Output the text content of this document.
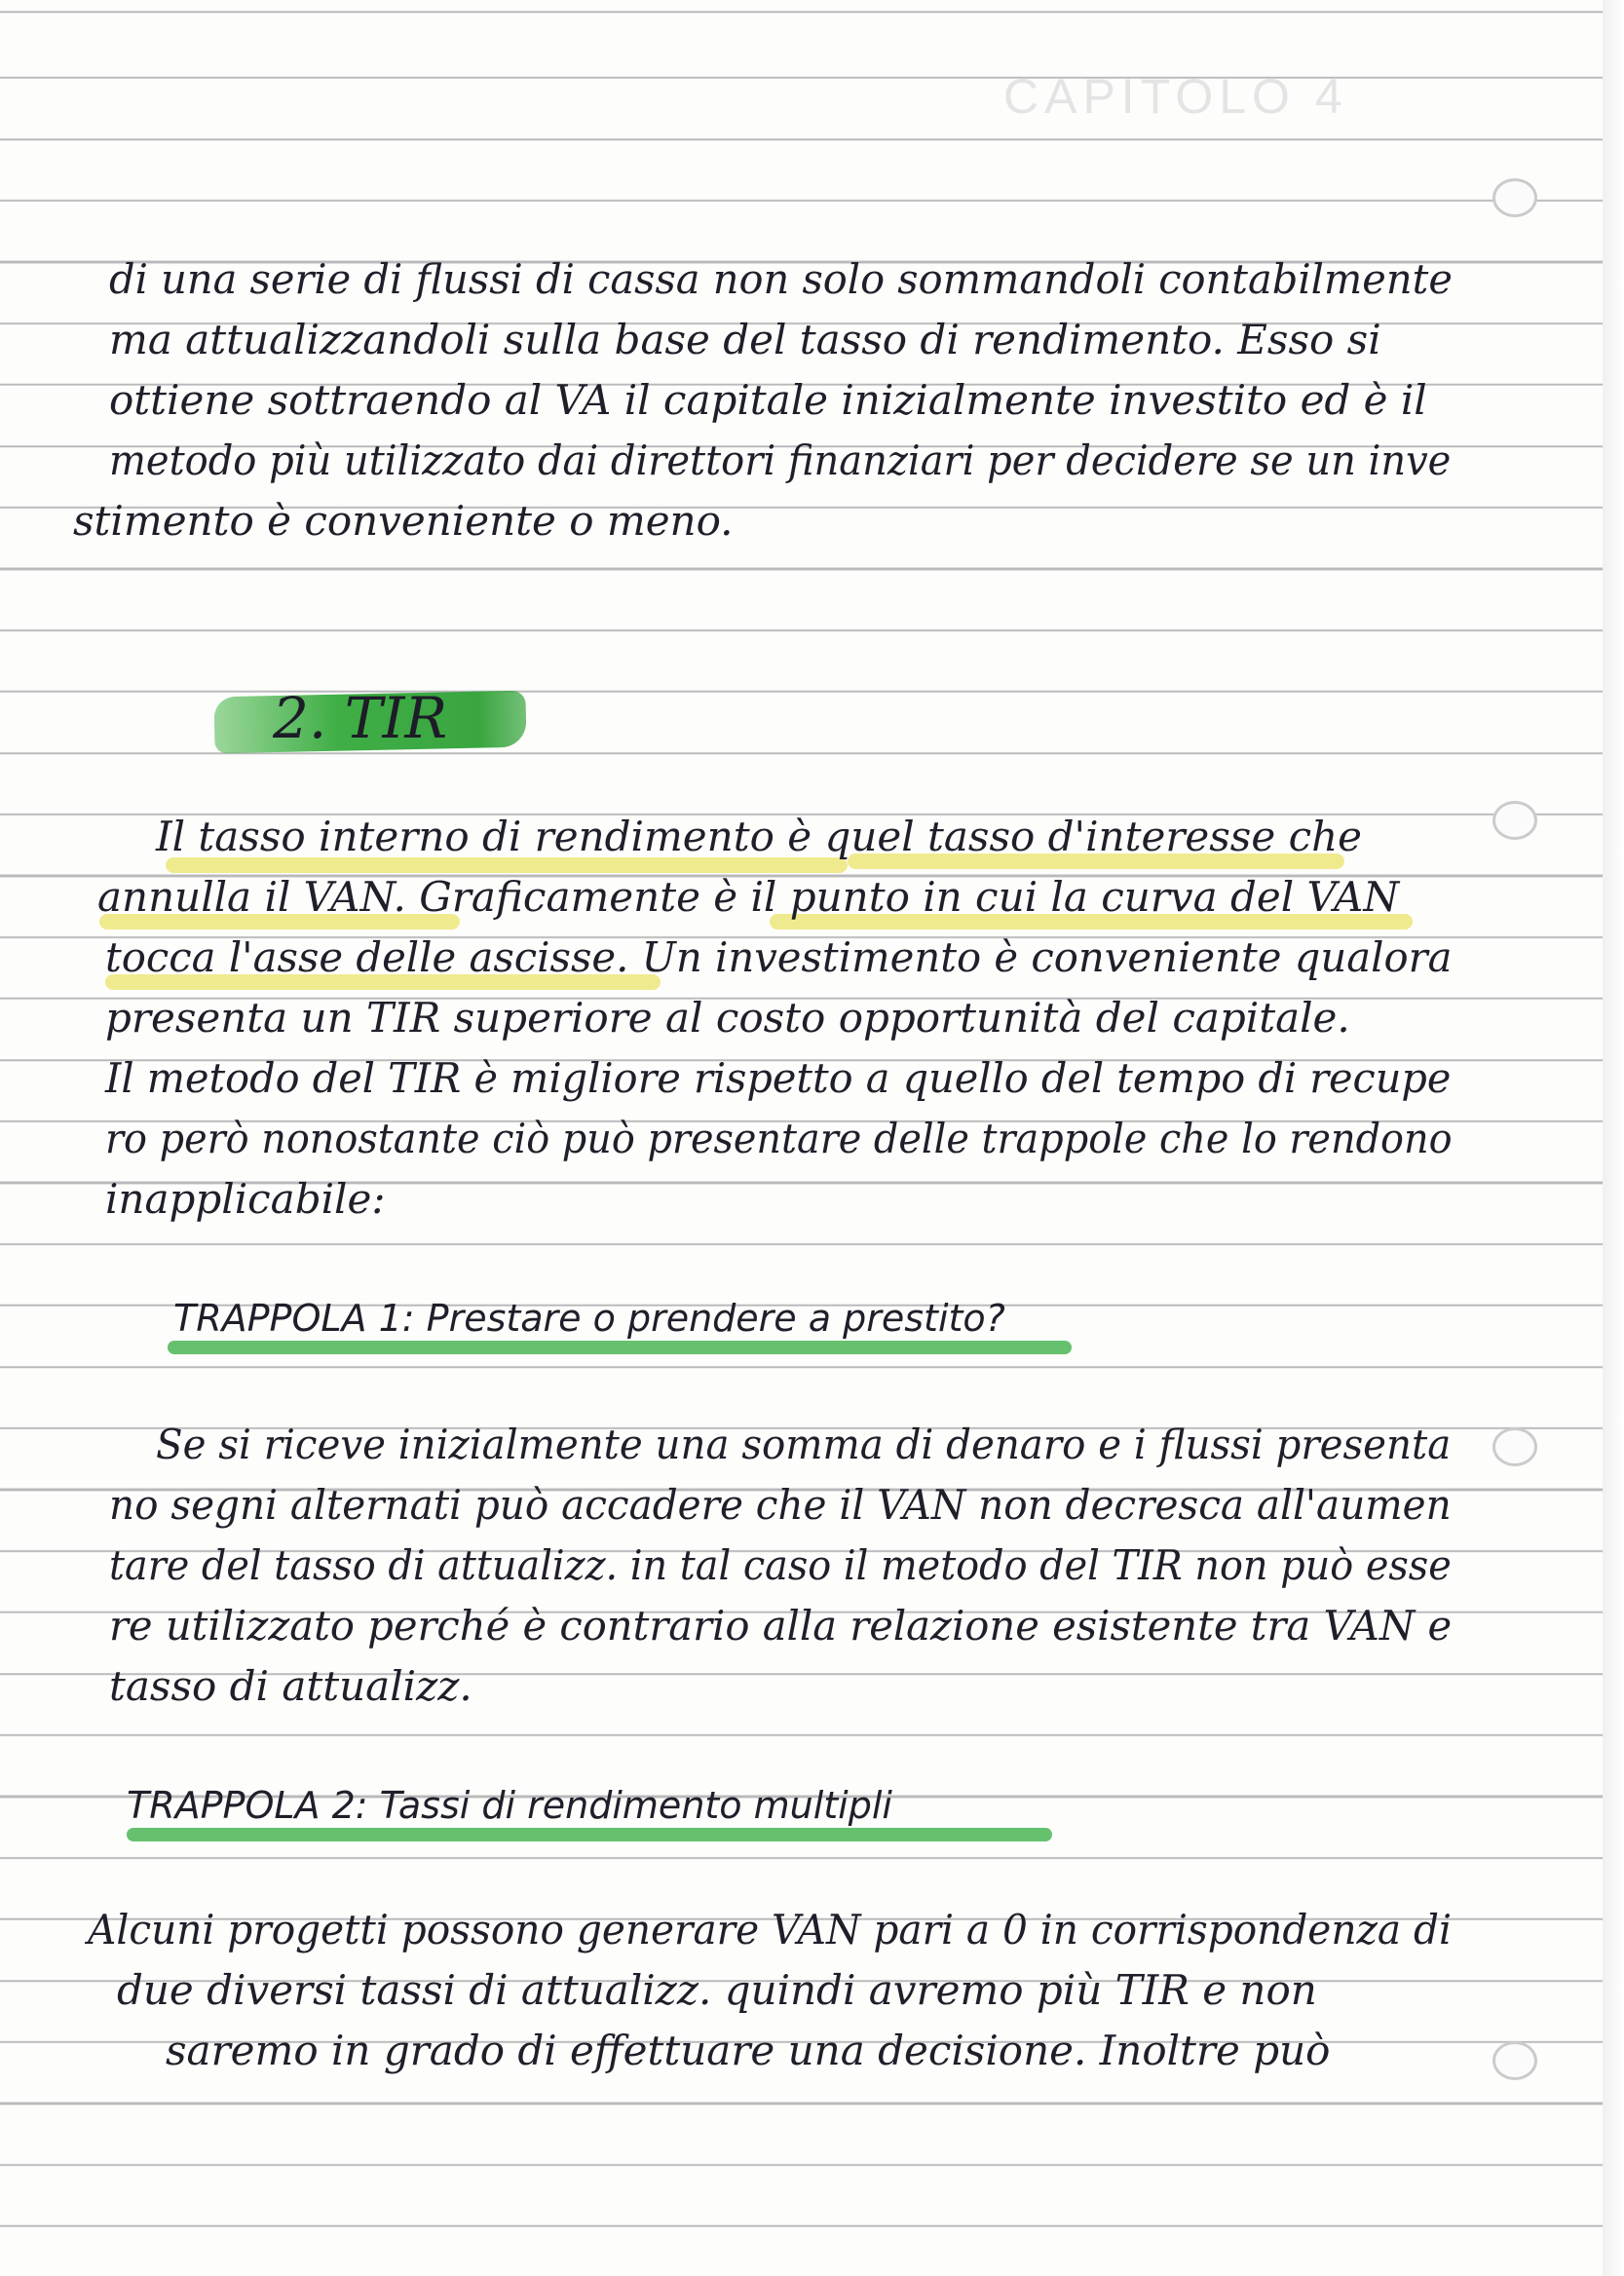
CAPITOLO 4
di una serie di flussi di cassa non solo sommandoli contabilmente
ma attualizzandoli sulla base del tasso di rendimento. Esso si
ottiene sottraendo al VA il capitale inizialmente investito ed è il
metodo più utilizzato dai direttori finanziari per decidere se un inve
stimento è conveniente o meno.
2. TIR
Il tasso interno di rendimento è quel tasso d'interesse che
annulla il VAN. Graficamente è il punto in cui la curva del VAN
tocca l'asse delle ascisse. Un investimento è conveniente qualora
presenta un TIR superiore al costo opportunità del capitale.
Il metodo del TIR è migliore rispetto a quello del tempo di recupe
ro però nonostante ciò può presentare delle trappole che lo rendono
inapplicabile:
TRAPPOLA 1: Prestare o prendere a prestito?
Se si riceve inizialmente una somma di denaro e i flussi presenta
no segni alternati può accadere che il VAN non decresca all'aumen
tare del tasso di attualizz. in tal caso il metodo del TIR non può esse
re utilizzato perché è contrario alla relazione esistente tra VAN e
tasso di attualizz.
TRAPPOLA 2: Tassi di rendimento multipli
Alcuni progetti possono generare VAN pari a 0 in corrispondenza di
due diversi tassi di attualizz. quindi avremo più TIR e non
saremo in grado di effettuare una decisione. Inoltre può
